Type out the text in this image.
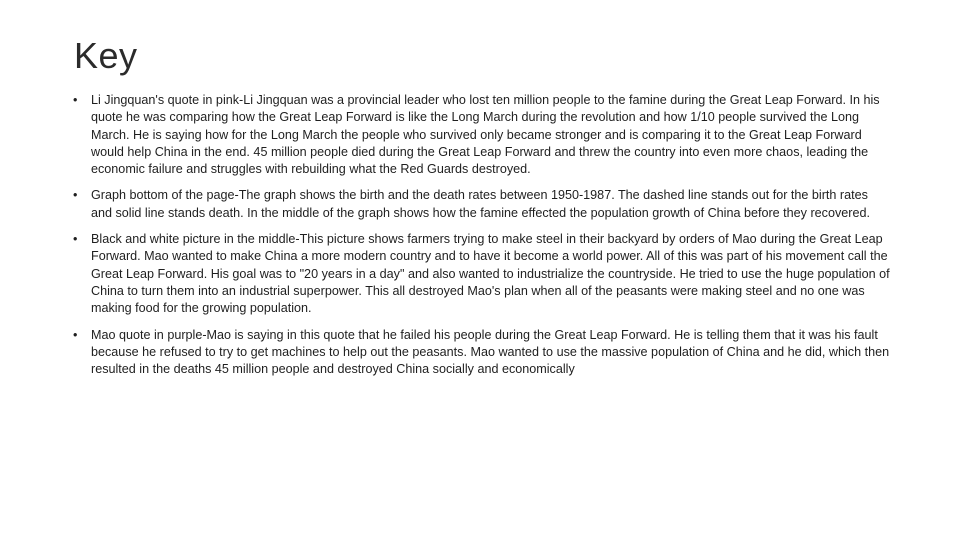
Key
•	Li Jingquan's quote in pink-Li Jingquan was a provincial leader who lost ten million people to the famine during the Great Leap Forward. In his quote he was comparing how the Great Leap Forward is like the Long March during the revolution and how 1/10 people survived the Long March. He is saying how for the Long March the people who survived only became stronger and is comparing it to the Great Leap Forward would help China in the end. 45 million people died during the Great Leap Forward and threw the country into even more chaos, leading the economic failure and struggles with rebuilding what the Red Guards destroyed.
•	Graph bottom of the page-The graph shows the birth and the death rates between 1950-1987. The dashed line stands out for the birth rates and solid line stands death. In the middle of the graph shows how the famine effected the population growth of China before they recovered.
•	Black and white picture in the middle-This picture shows farmers trying to make steel in their backyard by orders of Mao during the Great Leap Forward. Mao wanted to make China a more modern country and to have it become a world power. All of this was part of his movement call the Great Leap Forward. His goal was to "20 years in a day" and also wanted to industrialize the countryside. He tried to use the huge population of China to turn them into an industrial superpower. This all destroyed Mao's plan when all of the peasants were making steel and no one was making food for the growing population.
•	Mao quote in purple-Mao is saying in this quote that he failed his people during the Great Leap Forward. He is telling them that it was his fault because he refused to try to get machines to help out the peasants. Mao wanted to use the massive population of China and he did, which then resulted in the deaths 45 million people and destroyed China socially and economically
